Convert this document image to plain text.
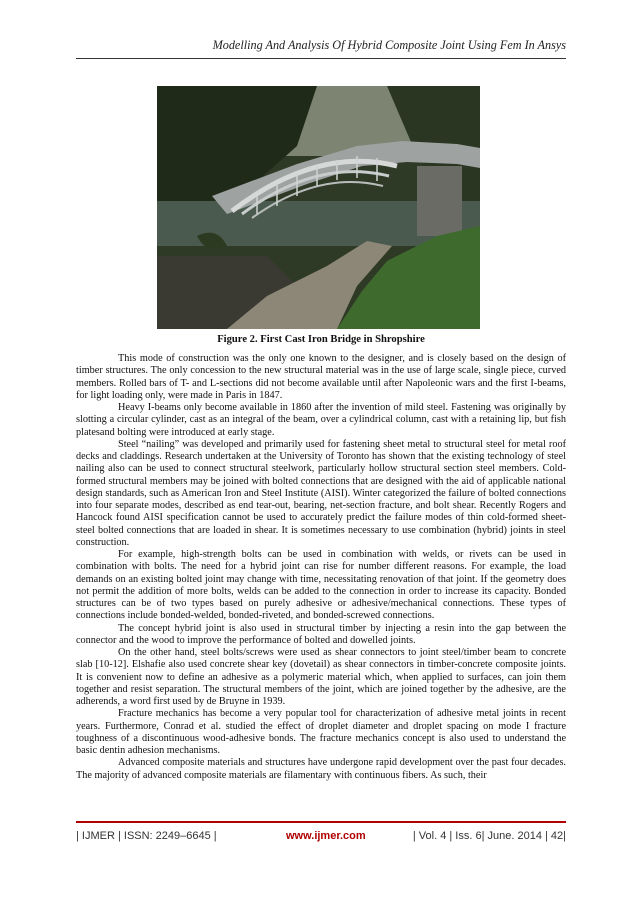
Modelling And Analysis Of Hybrid Composite Joint Using Fem In Ansys
Figure 2. First Cast Iron Bridge in Shropshire

This mode of construction was the only one known to the designer, and is closely based on the design of timber structures. The only concession to the new structural material was in the use of large scale, single piece, curved members. Rolled bars of T- and L-sections did not become available until after Napoleonic wars and the first I-beams, for light loading only, were made in Paris in 1847.

Heavy I-beams only become available in 1860 after the invention of mild steel. Fastening was originally by slotting a circular cylinder, cast as an integral of the beam, over a cylindrical column, cast with a retaining lip, but fish platesand bolting were introduced at early stage.

Steel “nailing” was developed and primarily used for fastening sheet metal to structural steel for metal roof decks and claddings. Research undertaken at the University of Toronto has shown that the existing technology of steel nailing also can be used to connect structural steelwork, particularly hollow structural section steel members. Cold-formed structural members may be joined with bolted connections that are designed with the aid of applicable national design standards, such as American Iron and Steel Institute (AISI). Winter categorized the failure of bolted connections into four separate modes, described as end tear-out, bearing, net-section fracture, and bolt shear. Recently Rogers and Hancock found AISI specification cannot be used to accurately predict the failure modes of thin cold-formed sheet-steel bolted connections that are loaded in shear. It is sometimes necessary to use combination (hybrid) joints in steel construction.

For example, high-strength bolts can be used in combination with welds, or rivets can be used in combination with bolts. The need for a hybrid joint can rise for number different reasons. For example, the load demands on an existing bolted joint may change with time, necessitating renovation of that joint. If the geometry does not permit the addition of more bolts, welds can be added to the connection in order to increase its capacity. Bonded structures can be of two types based on purely adhesive or adhesive/mechanical connections. These types of connections include bonded-welded, bonded-riveted, and bonded-screwed connections.

The concept hybrid joint is also used in structural timber by injecting a resin into the gap between the connector and the wood to improve the performance of bolted and dowelled joints.

On the other hand, steel bolts/screws were used as shear connectors to joint steel/timber beam to concrete slab [10-12]. Elshafie also used concrete shear key (dovetail) as shear connectors in timber-concrete composite joints. It is convenient now to define an adhesive as a polymeric material which, when applied to surfaces, can join them together and resist separation. The structural members of the joint, which are joined together by the adhesive, are the adherends, a word first used by de Bruyne in 1939.

Fracture mechanics has become a very popular tool for characterization of adhesive metal joints in recent years. Furthermore, Conrad et al. studied the effect of droplet diameter and droplet spacing on mode I fracture toughness of a discontinuous wood-adhesive bonds. The fracture mechanics concept is also used to understand the basic dentin adhesion mechanisms.

Advanced composite materials and structures have undergone rapid development over the past four decades. The majority of advanced composite materials are filamentary with continuous fibers. As such, their

| IJMER | ISSN: 2249–6645 |	www.ijmer.com	| Vol. 4 | Iss. 6| June. 2014 | 42|
